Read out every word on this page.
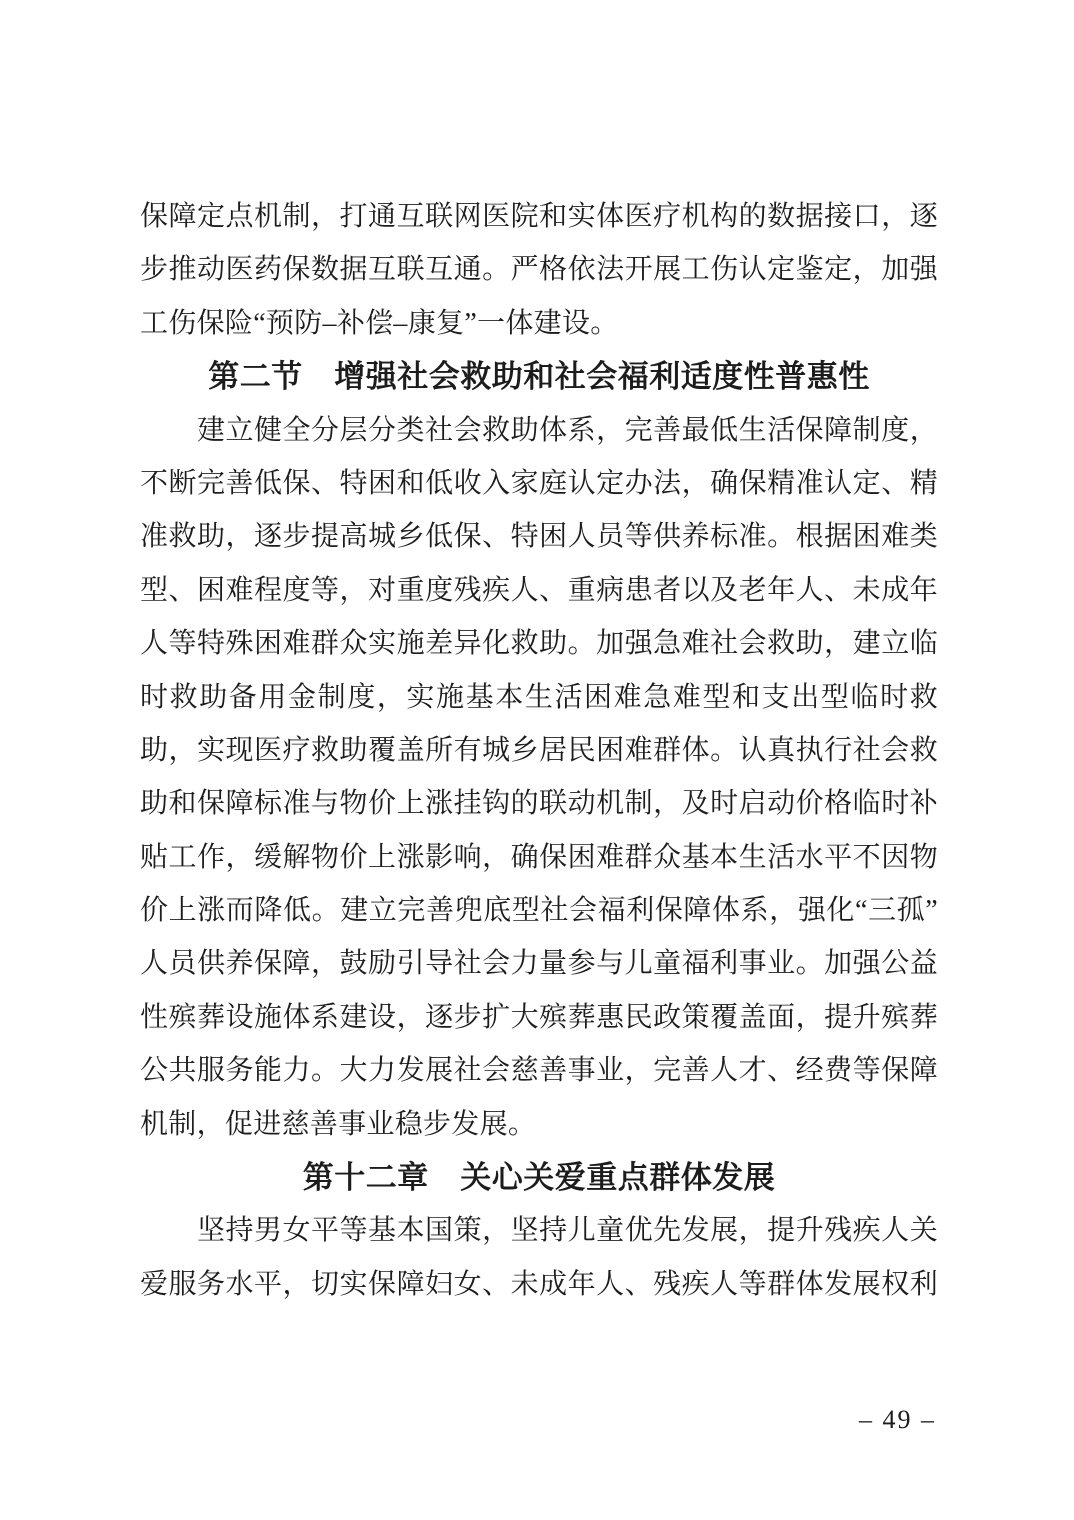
保障定点机制，打通互联网医院和实体医疗机构的数据接口，逐
步推动医药保数据互联互通。严格依法开展工伤认定鉴定，加强
工伤保险“预防–补偿–康复”一体建设。
第二节　增强社会救助和社会福利适度性普惠性
建立健全分层分类社会救助体系，完善最低生活保障制度，
不断完善低保、特困和低收入家庭认定办法，确保精准认定、精
准救助，逐步提高城乡低保、特困人员等供养标准。根据困难类
型、困难程度等，对重度残疾人、重病患者以及老年人、未成年
人等特殊困难群众实施差异化救助。加强急难社会救助，建立临
时救助备用金制度，实施基本生活困难急难型和支出型临时救
助，实现医疗救助覆盖所有城乡居民困难群体。认真执行社会救
助和保障标准与物价上涨挂钩的联动机制，及时启动价格临时补
贴工作，缓解物价上涨影响，确保困难群众基本生活水平不因物
价上涨而降低。建立完善兜底型社会福利保障体系，强化“三孤”
人员供养保障，鼓励引导社会力量参与儿童福利事业。加强公益
性殡葬设施体系建设，逐步扩大殡葬惠民政策覆盖面，提升殡葬
公共服务能力。大力发展社会慈善事业，完善人才、经费等保障
机制，促进慈善事业稳步发展。
第十二章　关心关爱重点群体发展
坚持男女平等基本国策，坚持儿童优先发展，提升残疾人关
爱服务水平，切实保障妇女、未成年人、残疾人等群体发展权利
– 49 –
